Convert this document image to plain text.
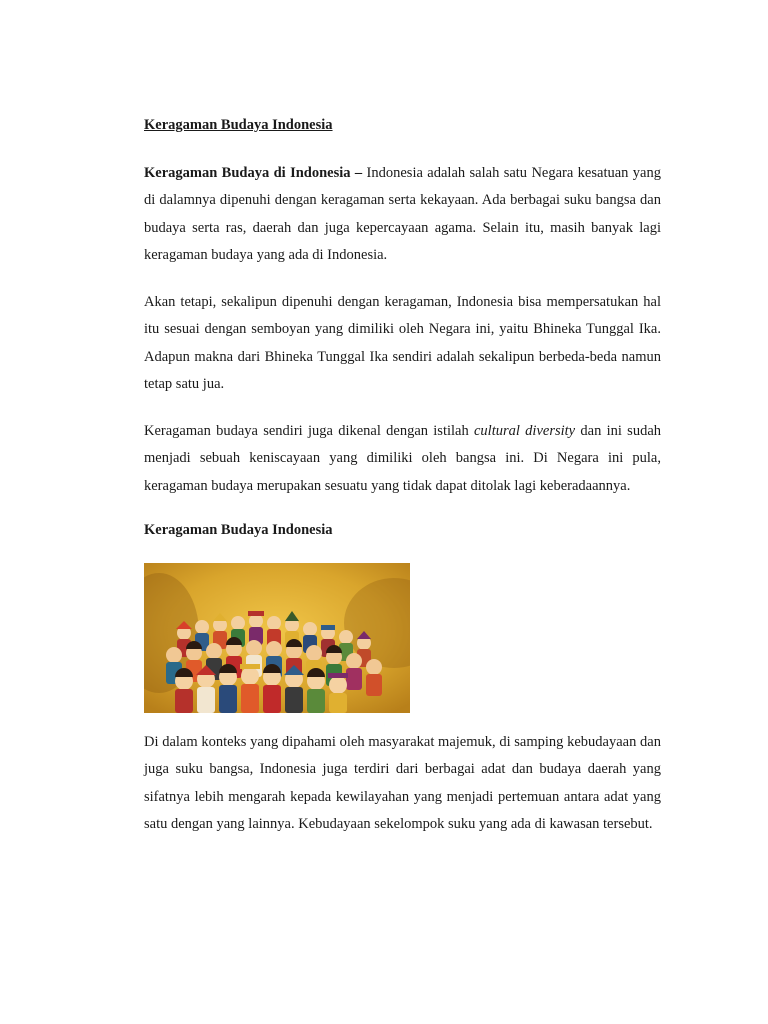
Keragaman Budaya Indonesia

Keragaman Budaya di Indonesia – Indonesia adalah salah satu Negara kesatuan yang di dalamnya dipenuhi dengan keragaman serta kekayaan. Ada berbagai suku bangsa dan budaya serta ras, daerah dan juga kepercayaan agama. Selain itu, masih banyak lagi keragaman budaya yang ada di Indonesia.

Akan tetapi, sekalipun dipenuhi dengan keragaman, Indonesia bisa mempersatukan hal itu sesuai dengan semboyan yang dimiliki oleh Negara ini, yaitu Bhineka Tunggal Ika. Adapun makna dari Bhineka Tunggal Ika sendiri adalah sekalipun berbeda-beda namun tetap satu jua.

Keragaman budaya sendiri juga dikenal dengan istilah cultural diversity dan ini sudah menjadi sebuah keniscayaan yang dimiliki oleh bangsa ini. Di Negara ini pula, keragaman budaya merupakan sesuatu yang tidak dapat ditolak lagi keberadaannya.

Keragaman Budaya Indonesia

Di dalam konteks yang dipahami oleh masyarakat majemuk, di samping kebudayaan dan juga suku bangsa, Indonesia juga terdiri dari berbagai adat dan budaya daerah yang sifatnya lebih mengarah kepada kewilayahan yang menjadi pertemuan antara adat yang satu dengan yang lainnya. Kebudayaan sekelompok suku yang ada di kawasan tersebut.
